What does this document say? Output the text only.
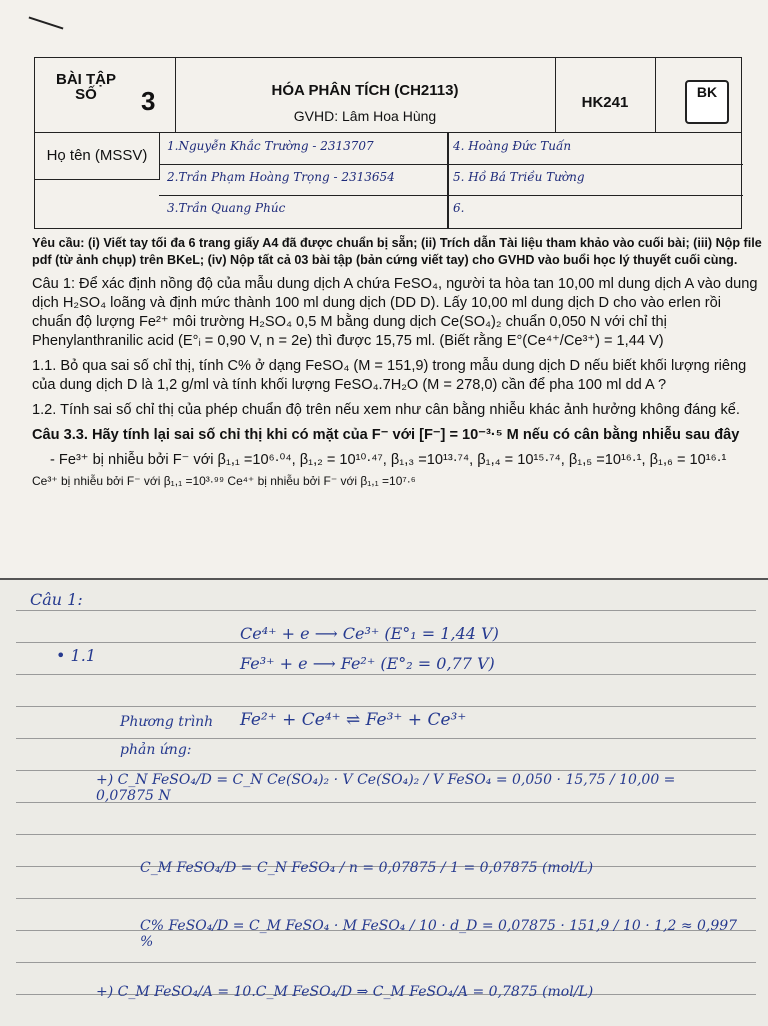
BÀI TẬP SỐ	3	HÓA PHÂN TÍCH (CH2113)
GVHD: Lâm Hoa Hùng
HK241
BK
Họ tên (MSSV)
1.Nguyễn Khắc Trường - 2313707	4. Hoàng Đức Tuấn
2.Trần Phạm Hoàng Trọng - 2313654	5. Hồ Bá Triều Tường
3.Trần Quang Phúc	6.

Yêu cầu: (i) Viết tay tối đa 6 trang giấy A4 đã được chuẩn bị sẵn; (ii) Trích dẫn Tài liệu tham khảo vào cuối bài; (iii) Nộp file pdf (từ ảnh chụp) trên BKeL; (iv) Nộp tất cả 03 bài tập (bản cứng viết tay) cho GVHD vào buổi học lý thuyết cuối cùng.

Câu 1: Để xác định nồng độ của mẫu dung dịch A chứa FeSO₄, người ta hòa tan 10,00 ml dung dịch A vào dung dịch H₂SO₄ loãng và định mức thành 100 ml dung dịch (DD D). Lấy 10,00 ml dung dịch D cho vào erlen rồi chuẩn độ lượng Fe²⁺ môi trường H₂SO₄ 0,5 M bằng dung dịch Ce(SO₄)₂ chuẩn 0,050 N với chỉ thị Phenylanthranilic acid (E°ᵢ = 0,90 V, n = 2e) thì được 15,75 ml. (Biết rằng E°(Ce⁴⁺/Ce³⁺) = 1,44 V)

1.1. Bỏ qua sai số chỉ thị, tính C% ở dạng FeSO₄ (M = 151,9) trong mẫu dung dịch D nếu biết khối lượng riêng của dung dịch D là 1,2 g/ml và tính khối lượng FeSO₄.7H₂O (M = 278,0) cần để pha 100 ml dd A ?

1.2. Tính sai số chỉ thị của phép chuẩn độ trên nếu xem như cân bằng nhiễu khác ảnh hưởng không đáng kể.

Câu 3.3. Hãy tính lại sai số chỉ thị khi có mặt của F⁻ với [F⁻] = 10⁻³·⁵ M nếu có cân bằng nhiễu sau đây

- Fe³⁺ bị nhiễu bởi F⁻ với β₁,₁ =10⁶·⁰⁴, β₁,₂ = 10¹⁰·⁴⁷, β₁,₃ =10¹³·⁷⁴, β₁,₄ = 10¹⁵·⁷⁴, β₁,₅ =10¹⁶·¹, β₁,₆ = 10¹⁶·¹

Ce³⁺ bị nhiễu bởi F⁻ với β₁,₁ =10³·⁹⁹ Ce⁴⁺ bị nhiễu bởi F⁻ với β₁,₁ =10⁷·⁶

Câu 1:
• 1.1
Ce⁴⁺ + e ⟶ Ce³⁺ (E°₁ = 1,44 V)
Fe³⁺ + e ⟶ Fe²⁺ (E°₂ = 0,77 V)
Phương trình phản ứng:
Fe²⁺ + Ce⁴⁺ ⇌ Fe³⁺ + Ce³⁺
+) C_N FeSO₄/D = C_N Ce(SO₄)₂ · V Ce(SO₄)₂ / V FeSO₄ = 0,050 · 15,75 / 10,00 = 0,07875 N
C_M FeSO₄/D = C_N FeSO₄ / n = 0,07875 / 1 = 0,07875 (mol/L)
C% FeSO₄/D = C_M FeSO₄ · M FeSO₄ / 10 · d_D = 0,07875 · 151,9 / 10 · 1,2 ≈ 0,997 %
+) C_M FeSO₄/A = 10.C_M FeSO₄/D ⇒ C_M FeSO₄/A = 0,7875 (mol/L)
